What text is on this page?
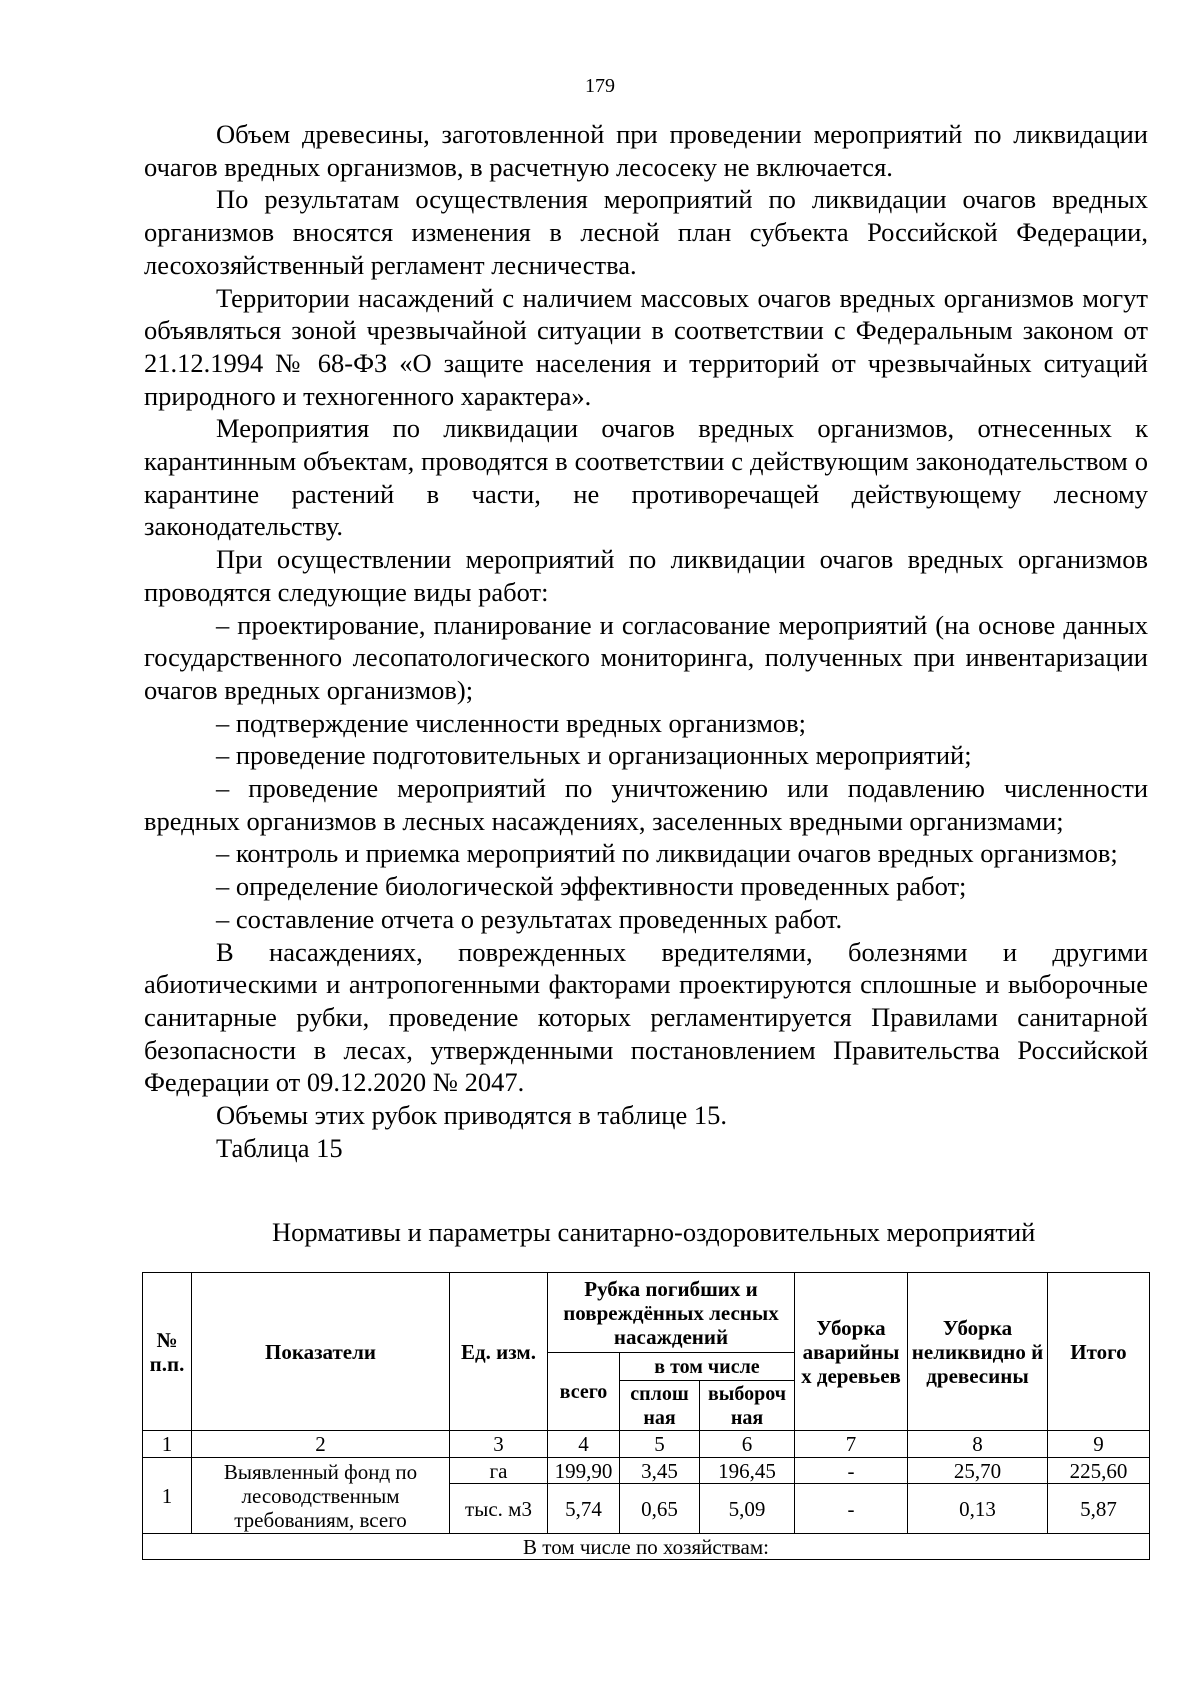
179

Объем древесины, заготовленной при проведении мероприятий по ликвидации очагов вредных организмов, в расчетную лесосеку не включается.

По результатам осуществления мероприятий по ликвидации очагов вредных организмов вносятся изменения в лесной план субъекта Российской Федерации, лесохозяйственный регламент лесничества.

Территории насаждений с наличием массовых очагов вредных организмов могут объявляться зоной чрезвычайной ситуации в соответствии с Федеральным законом от 21.12.1994 № 68-ФЗ «О защите населения и территорий от чрезвычайных ситуаций природного и техногенного характера».

Мероприятия по ликвидации очагов вредных организмов, отнесенных к карантинным объектам, проводятся в соответствии с действующим законодательством о карантине растений в части, не противоречащей действующему лесному законодательству.

При осуществлении мероприятий по ликвидации очагов вредных организмов проводятся следующие виды работ:

– проектирование, планирование и согласование мероприятий (на основе данных государственного лесопатологического мониторинга, полученных при инвентаризации очагов вредных организмов);

– подтверждение численности вредных организмов;

– проведение подготовительных и организационных мероприятий;

– проведение мероприятий по уничтожению или подавлению численности вредных организмов в лесных насаждениях, заселенных вредными организмами;

– контроль и приемка мероприятий по ликвидации очагов вредных организмов;

– определение биологической эффективности проведенных работ;

– составление отчета о результатах проведенных работ.

В насаждениях, поврежденных вредителями, болезнями и другими абиотическими и антропогенными факторами проектируются сплошные и выборочные санитарные рубки, проведение которых регламентируется Правилами санитарной безопасности в лесах, утвержденными постановлением Правительства Российской Федерации от 09.12.2020 № 2047.

Объемы этих рубок приводятся в таблице 15.

Таблица 15

Нормативы и параметры санитарно-оздоровительных мероприятий
№ п.п.	Показатели	Ед. изм.	Рубка погибших и повреждённых лесных насаждений			Уборка аварийны х деревьев	Уборка неликвидно й древесины	Итого
			всего	в том числе				
				сплош ная	выбороч ная			
1	2	3	4	5	6	7	8	9
1	Выявленный фонд по лесоводственным требованиям, всего	га	199,90	3,45	196,45	-	25,70	225,60
		тыс. м3	5,74	0,65	5,09	-	0,13	5,87
В том числе по хозяйствам:								
